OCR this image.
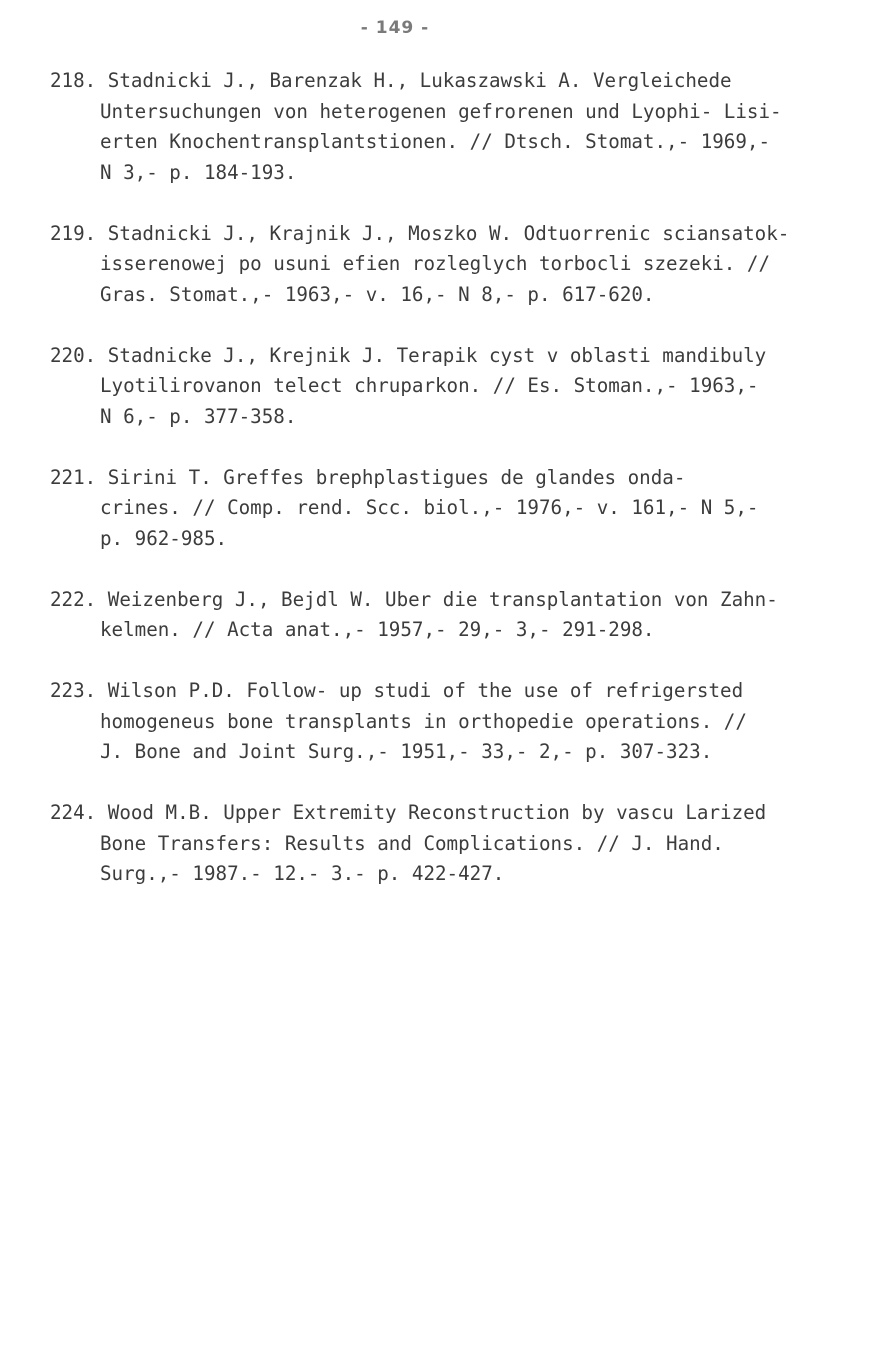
- 149 -
218. Stadnicki J., Barenzak H., Lukaszawski A. Vergleichede
Untersuchungen von heterogenen gefrorenen und Lyophi- Lisi-
erten Knochentransplantstionen. // Dtsch. Stomat.,- 1969,-
N 3,- p. 184-193.
219. Stadnicki J., Krajnik J., Moszko W. Odtuorrenic sciansatok-
isserenowej po usuni efien rozleglych torbocli szezeki. //
Gras. Stomat.,- 1963,- v. 16,- N 8,- p. 617-620.
220. Stadnicke J., Krejnik J. Terapik cyst v oblasti mandibuly
Lyotilirovanon telect chruparkon. // Es. Stoman.,- 1963,-
N 6,- p. 377-358.
221. Sirini T. Greffes brephplastigues de glandes onda-
crines. // Comp. rend. Scc. biol.,- 1976,- v. 161,- N 5,-
p. 962-985.
222. Weizenberg J., Bejdl W. Uber die transplantation von Zahn-
kelmen. // Acta anat.,- 1957,- 29,- 3,- 291-298.
223. Wilson P.D. Follow- up studi of the use of refrigersted
homogeneus bone transplants in orthopedie operations. //
J. Bone and Joint Surg.,- 1951,- 33,- 2,- p. 307-323.
224. Wood M.B. Upper Extremity Reconstruction by vascu Larized
Bone Transfers: Results and Complications. // J. Hand.
Surg.,- 1987.- 12.- 3.- p. 422-427.
